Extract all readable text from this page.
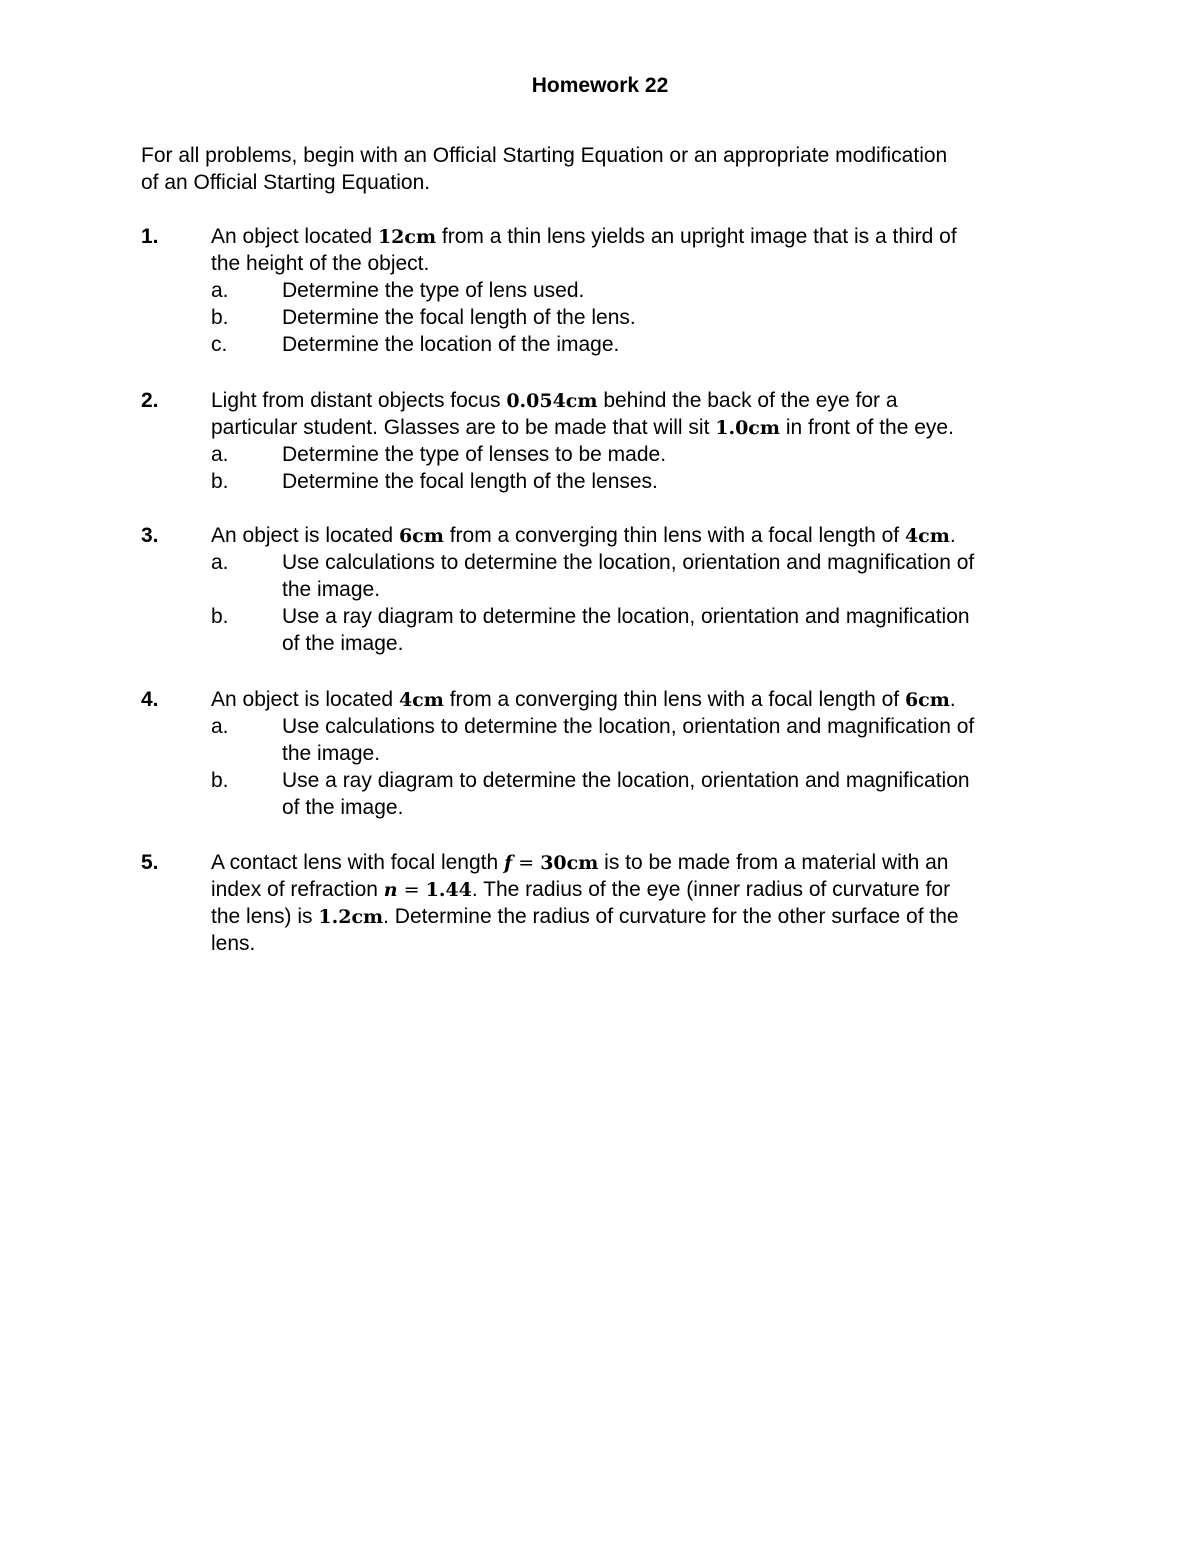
Homework 22
For all problems, begin with an Official Starting Equation or an appropriate modification
of an Official Starting Equation.
1. An object located 12cm from a thin lens yields an upright image that is a third of
the height of the object.
a.	Determine the type of lens used.
b.	Determine the focal length of the lens.
c.	Determine the location of the image.
2. Light from distant objects focus 0.054cm behind the back of the eye for a
particular student. Glasses are to be made that will sit 1.0cm in front of the eye.
a.	Determine the type of lenses to be made.
b.	Determine the focal length of the lenses.
3. An object is located 6cm from a converging thin lens with a focal length of 4cm.
a.	Use calculations to determine the location, orientation and magnification of
the image.
b.	Use a ray diagram to determine the location, orientation and magnification
of the image.
4. An object is located 4cm from a converging thin lens with a focal length of 6cm.
a.	Use calculations to determine the location, orientation and magnification of
the image.
b.	Use a ray diagram to determine the location, orientation and magnification
of the image.
5. A contact lens with focal length f = 30cm is to be made from a material with an
index of refraction n = 1.44. The radius of the eye (inner radius of curvature for
the lens) is 1.2cm. Determine the radius of curvature for the other surface of the
lens.
